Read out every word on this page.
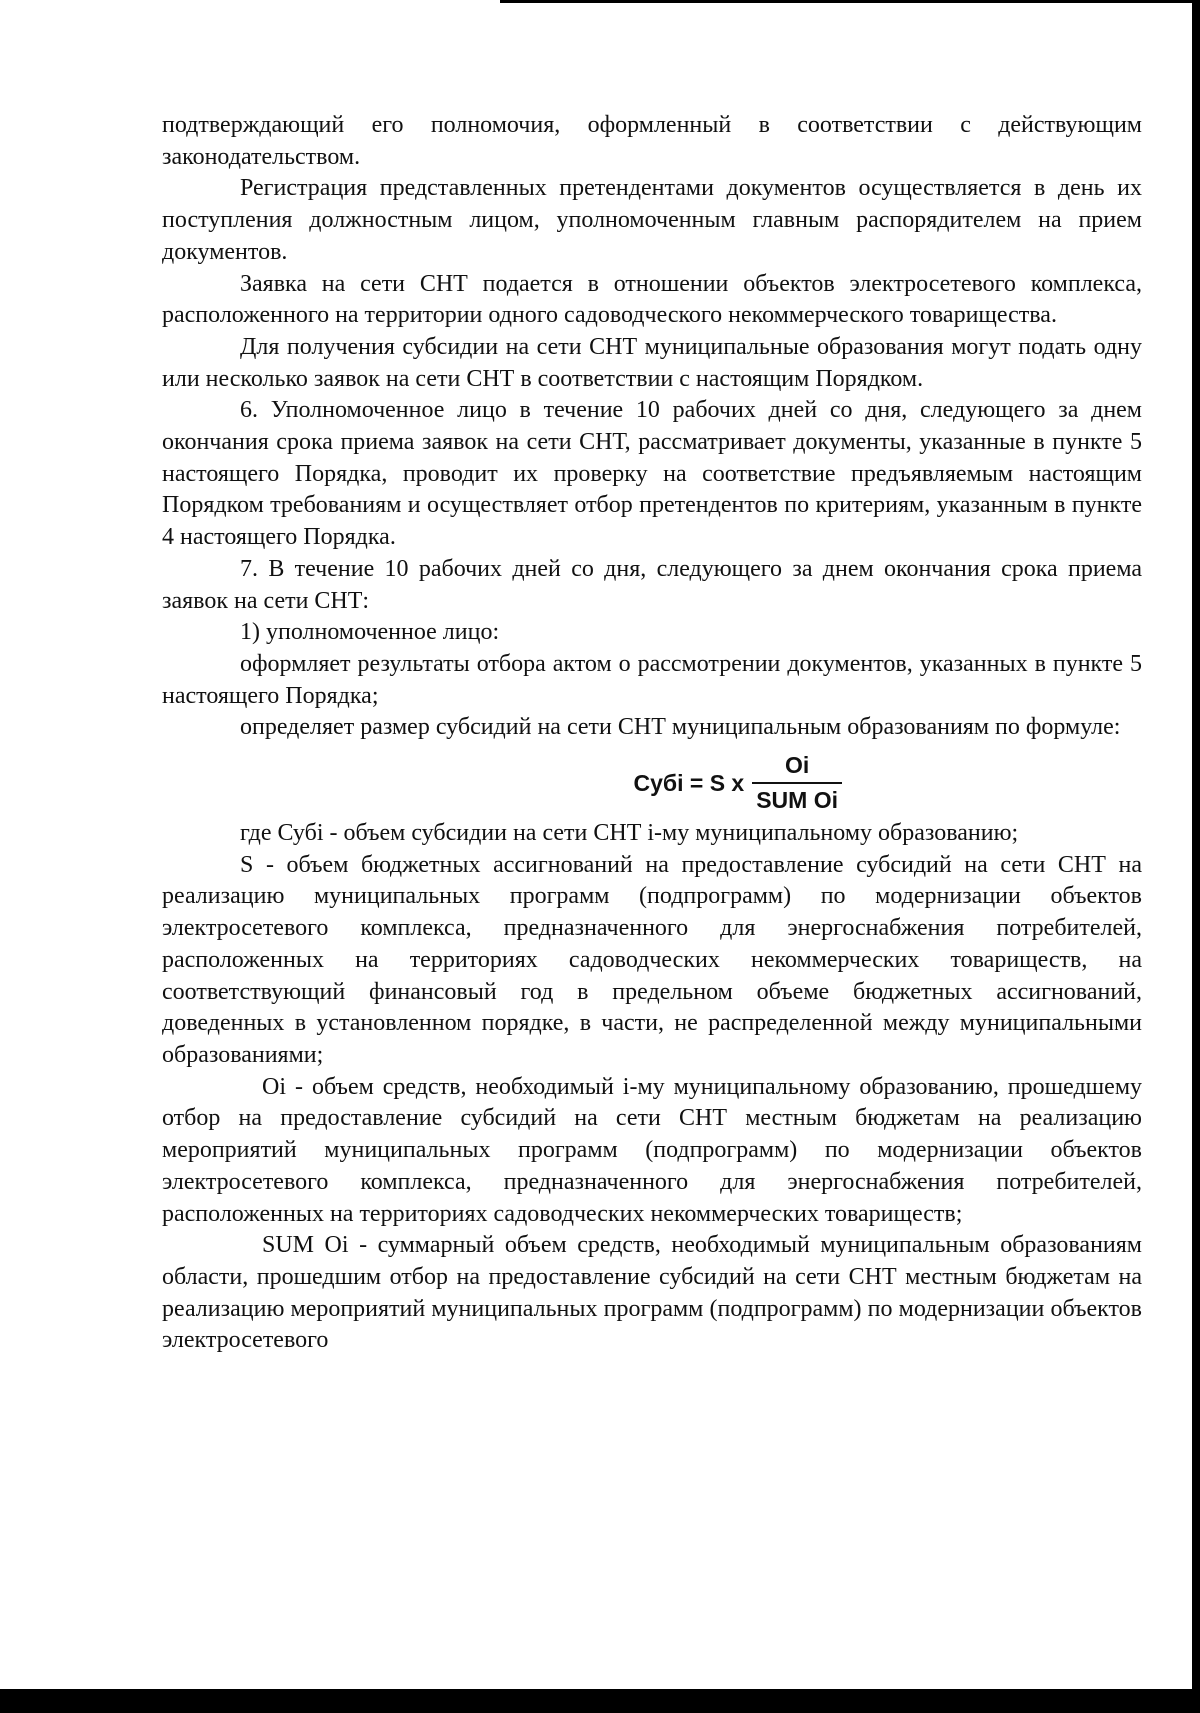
подтверждающий его полномочия, оформленный в соответствии с действующим законодательством.

Регистрация представленных претендентами документов осуществляется в день их поступления должностным лицом, уполномоченным главным распорядителем на прием документов.

Заявка на сети СНТ подается в отношении объектов электросетевого комплекса, расположенного на территории одного садоводческого некоммерческого товарищества.

Для получения субсидии на сети СНТ муниципальные образования могут подать одну или несколько заявок на сети СНТ в соответствии с настоящим Порядком.

6. Уполномоченное лицо в течение 10 рабочих дней со дня, следующего за днем окончания срока приема заявок на сети СНТ, рассматривает документы, указанные в пункте 5 настоящего Порядка, проводит их проверку на соответствие предъявляемым настоящим Порядком требованиям и осуществляет отбор претендентов по критериям, указанным в пункте 4 настоящего Порядка.

7. В течение 10 рабочих дней со дня, следующего за днем окончания срока приема заявок на сети СНТ:

1) уполномоченное лицо:

оформляет результаты отбора актом о рассмотрении документов, указанных в пункте 5 настоящего Порядка;

определяет размер субсидий на сети СНТ муниципальным образованиям по формуле:

Субi = S x $\frac{Oi}{\text{SUM Oi}}$

где Субi - объем субсидии на сети СНТ i-му муниципальному образованию;

S - объем бюджетных ассигнований на предоставление субсидий на сети СНТ на реализацию муниципальных программ (подпрограмм) по модернизации объектов электросетевого комплекса, предназначенного для энергоснабжения потребителей, расположенных на территориях садоводческих некоммерческих товариществ, на соответствующий финансовый год в предельном объеме бюджетных ассигнований, доведенных в установленном порядке, в части, не распределенной между муниципальными образованиями;

Oi - объем средств, необходимый i-му муниципальному образованию, прошедшему отбор на предоставление субсидий на сети СНТ местным бюджетам на реализацию мероприятий муниципальных программ (подпрограмм) по модернизации объектов электросетевого комплекса, предназначенного для энергоснабжения потребителей, расположенных на территориях садоводческих некоммерческих товариществ;

SUM Oi - суммарный объем средств, необходимый муниципальным образованиям области, прошедшим отбор на предоставление субсидий на сети СНТ местным бюджетам на реализацию мероприятий муниципальных программ (подпрограмм) по модернизации объектов электросетевого
